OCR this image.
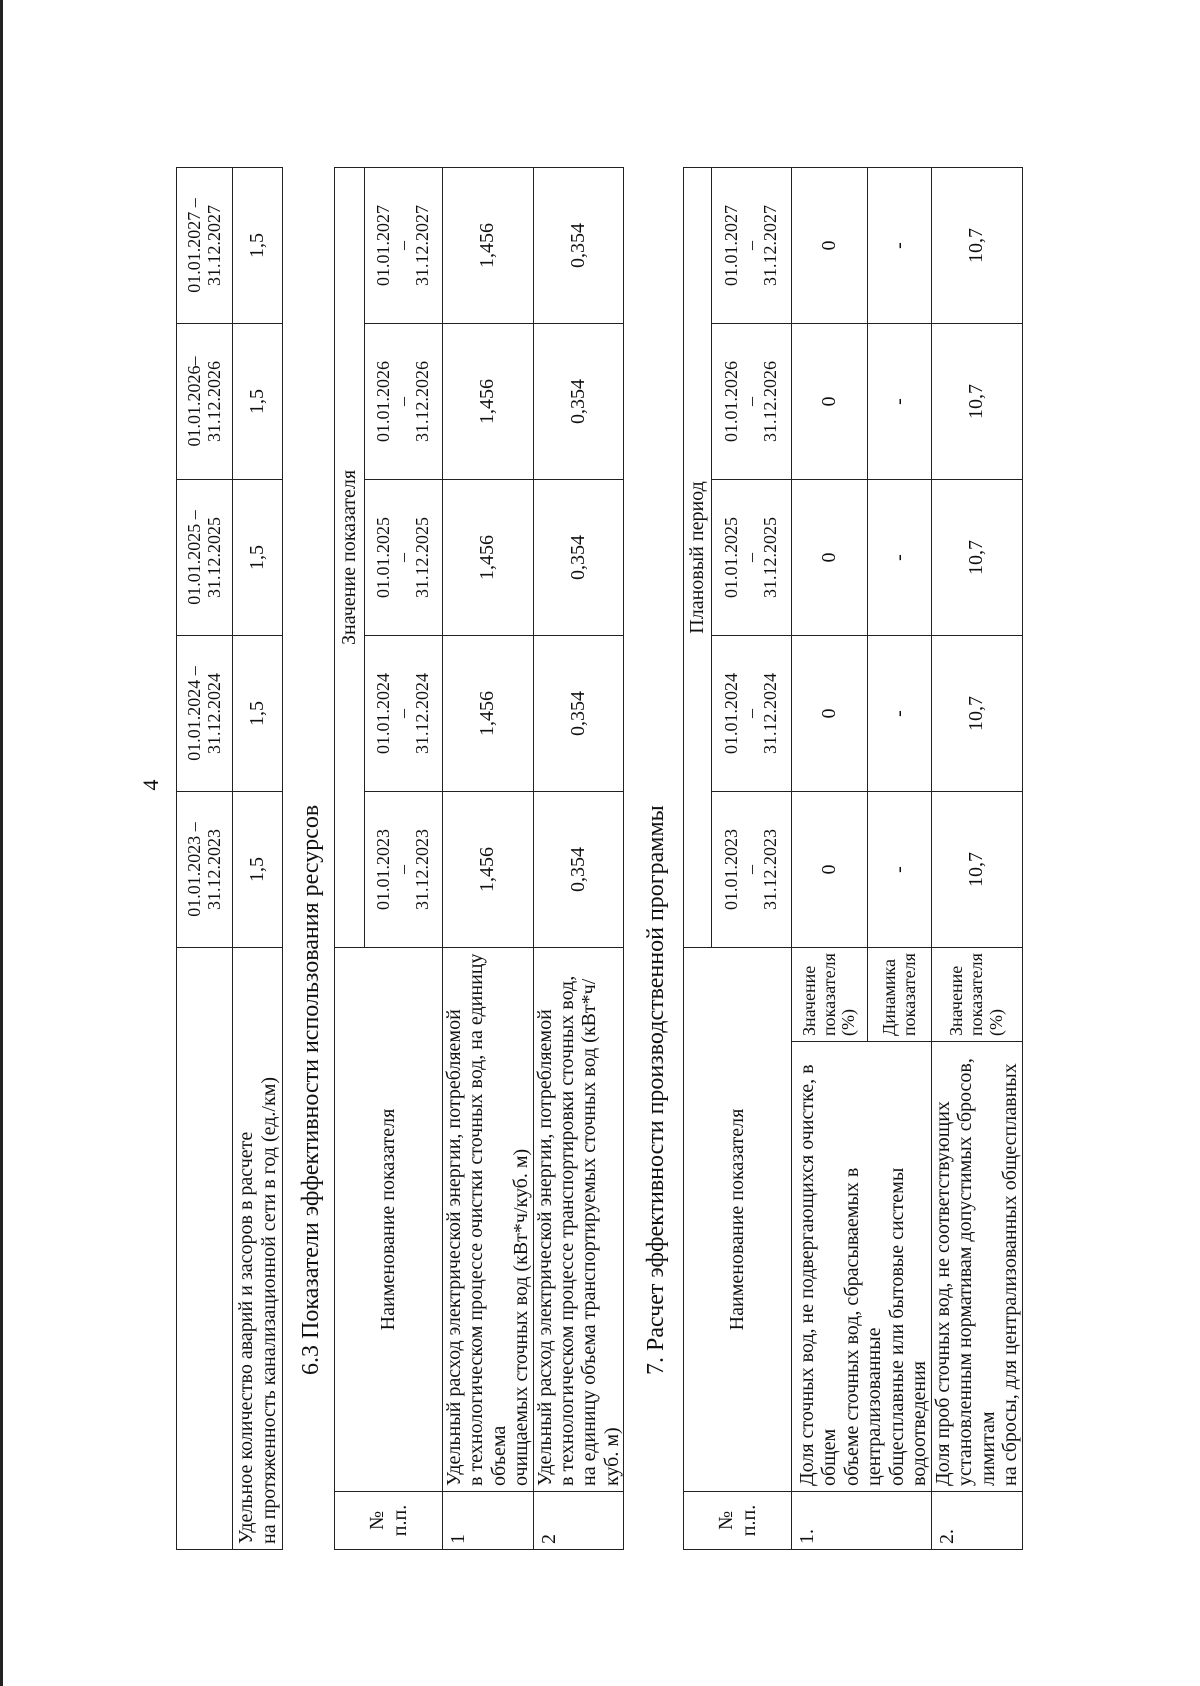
4
	01.01.2023 –
31.12.2023	01.01.2024 –
31.12.2024	01.01.2025 –
31.12.2025	01.01.2026–
31.12.2026	01.01.2027 –
31.12.2027
Удельное количество аварий и засоров в расчете
на протяженность канализационной сети в год (ед./км)	1,5	1,5	1,5	1,5	1,5
6.3 Показатели эффективности использования ресурсов
№
п.п.	Наименование показателя	Значение показателя				
		01.01.2023
–
31.12.2023	01.01.2024
–
31.12.2024	01.01.2025
–
31.12.2025	01.01.2026
–
31.12.2026	01.01.2027
–
31.12.2027
1	Удельный расход электрической энергии, потребляемой
в технологическом процессе очистки сточных вод, на единицу объема
очищаемых сточных вод (кВт*ч/куб. м)	1,456	1,456	1,456	1,456	1,456
2	Удельный расход электрической энергии, потребляемой
в технологическом процессе транспортировки сточных вод,
на единицу объема транспортируемых сточных вод (кВт*ч/куб. м)	0,354	0,354	0,354	0,354	0,354
7. Расчет эффективности производственной программы
№
п.п.	Наименование показателя		Плановый период				
			01.01.2023
–
31.12.2023	01.01.2024
–
31.12.2024	01.01.2025
–
31.12.2025	01.01.2026
–
31.12.2026	01.01.2027
–
31.12.2027
1.	Доля сточных вод, не подвергающихся очистке, в общем
объеме сточных вод, сбрасываемых в централизованные
общесплавные или бытовые системы водоотведения	Значение
показателя
(%)	0	0	0	0	0
		Динамика
показателя	-	-	-	-	-
2.	Доля проб сточных вод, не соответствующих
установленным нормативам допустимых сбросов, лимитам
на сбросы, для централизованных общесплавных	Значение
показателя
(%)	10,7	10,7	10,7	10,7	10,7
